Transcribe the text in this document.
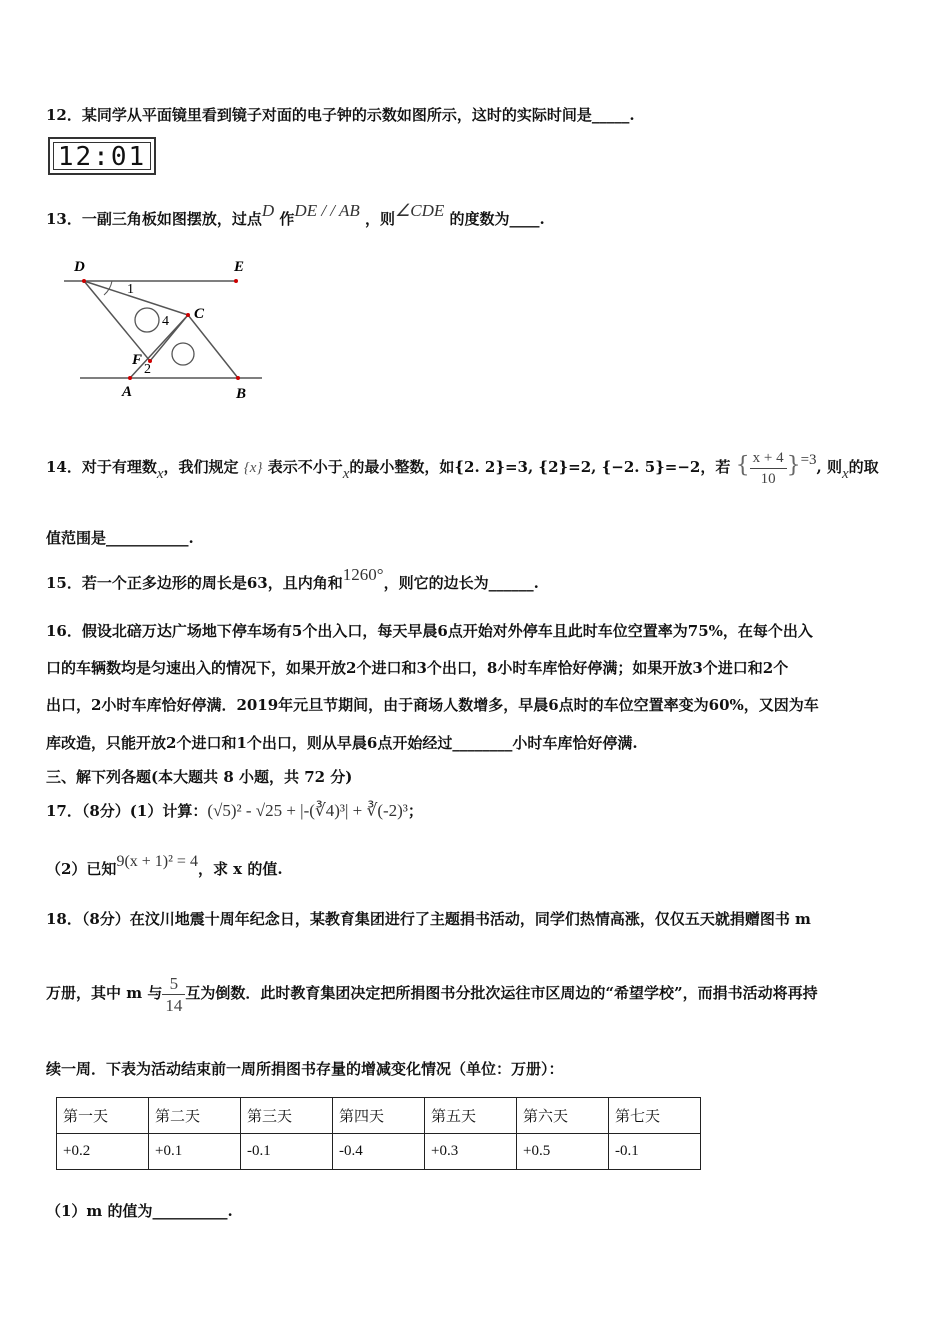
12．某同学从平面镜里看到镜子对面的电子钟的示数如图所示，这时的实际时间是_____.
12:01
13．一副三角板如图摆放，过点D 作DE / / AB ，则∠CDE 的度数为____.
D	E
C
F
A	B
1
2
4
14．对于有理数x，我们规定 {x} 表示不小于x的最小整数，如{2. 2}=3, {2}=2, {−2. 5}=−2，若 { $\frac{x + 4}{10} \}=3$, 则x的取
值范围是___________.
15．若一个正多边形的周长是63，且内角和1260°，则它的边长为______.
16．假设北碚万达广场地下停车场有5个出入口，每天早晨6点开始对外停车且此时车位空置率为75%，在每个出入
口的车辆数均是匀速出入的情况下，如果开放2个进口和3个出口，8小时车库恰好停满；如果开放3个进口和2个
出口，2小时车库恰好停满．2019年元旦节期间，由于商场人数增多，早晨6点时的车位空置率变为60%，又因为车
库改造，只能开放2个进口和1个出口，则从早晨6点开始经过________小时车库恰好停满.
三、解下列各题(本大题共 8 小题，共 72 分)
17．（8分）(1）计算：(√5)² - √25 + |-(∛4)³| + ∛(-2)³；
（2）已知9(x + 1)² = 4，求 x 的值.
18．（8分）在汶川地震十周年纪念日，某教育集团进行了主题捐书活动，同学们热情高涨，仅仅五天就捐赠图书 m
万册，其中 m 与 $\frac{5}{14}$ 互为倒数．此时教育集团决定把所捐图书分批次运往市区周边的“希望学校”，而捐书活动将再持
续一周．下表为活动结束前一周所捐图书存量的增减变化情况（单位：万册）：
第一天	第二天	第三天	第四天	第五天	第六天	第七天
+0.2	+0.1	-0.1	-0.4	+0.3	+0.5	-0.1
（1）m 的值为__________.
